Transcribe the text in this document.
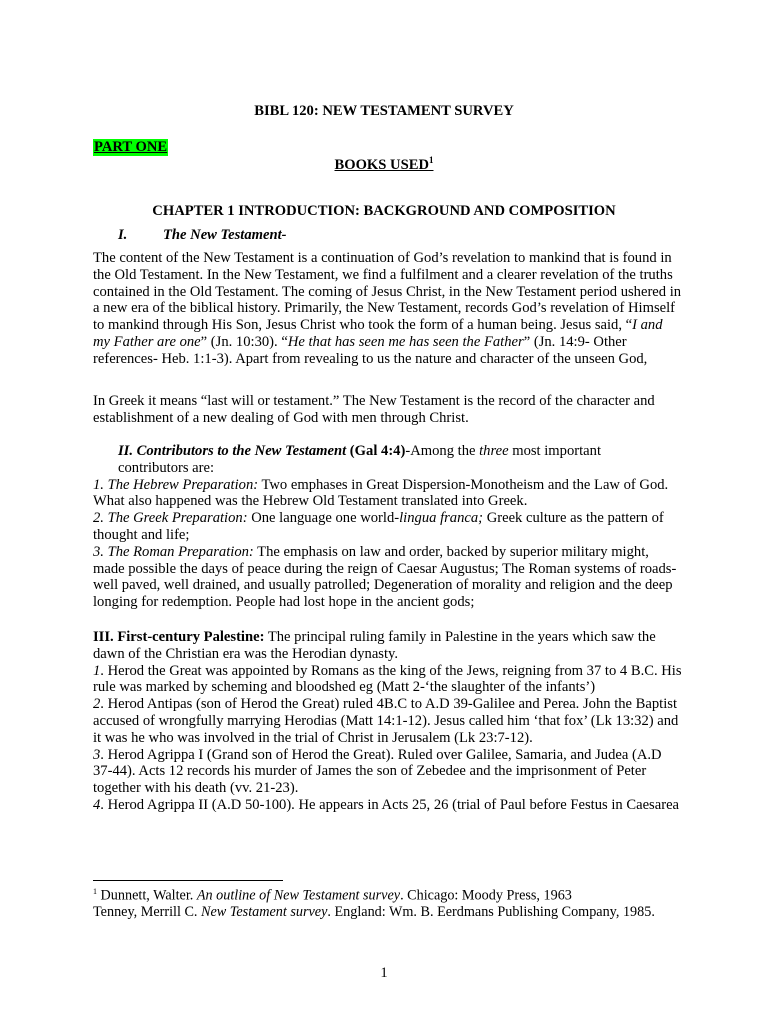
BIBL 120: NEW TESTAMENT SURVEY
PART ONE
BOOKS USED$^1$
CHAPTER 1 INTRODUCTION: BACKGROUND AND COMPOSITION
I. The New Testament-
The content of the New Testament is a continuation of God’s revelation to mankind that is found in the Old Testament. In the New Testament, we find a fulfilment and a clearer revelation of the truths contained in the Old Testament. The coming of Jesus Christ, in the New Testament period ushered in a new era of the biblical history. Primarily, the New Testament, records God’s revelation of Himself to mankind through His Son, Jesus Christ who took the form of a human being. Jesus said, “I and my Father are one” (Jn. 10:30). “He that has seen me has seen the Father” (Jn. 14:9- Other references- Heb. 1:1-3). Apart from revealing to us the nature and character of the unseen God,
In Greek it means “last will or testament.” The New Testament is the record of the character and establishment of a new dealing of God with men through Christ.
II. Contributors to the New Testament (Gal 4:4)-Among the three most important
contributors are:
1. The Hebrew Preparation: Two emphases in Great Dispersion-Monotheism and the Law of God. What also happened was the Hebrew Old Testament translated into Greek.
2. The Greek Preparation: One language one world-lingua franca; Greek culture as the pattern of thought and life;
3. The Roman Preparation: The emphasis on law and order, backed by superior military might, made possible the days of peace during the reign of Caesar Augustus; The Roman systems of roads-well paved, well drained, and usually patrolled; Degeneration of morality and religion and the deep longing for redemption. People had lost hope in the ancient gods;
III. First-century Palestine: The principal ruling family in Palestine in the years which saw the dawn of the Christian era was the Herodian dynasty.
1. Herod the Great was appointed by Romans as the king of the Jews, reigning from 37 to 4 B.C. His rule was marked by scheming and bloodshed eg (Matt 2-‘the slaughter of the infants’)
2. Herod Antipas (son of Herod the Great) ruled 4B.C to A.D 39-Galilee and Perea. John the Baptist accused of wrongfully marrying Herodias (Matt 14:1-12). Jesus called him ‘that fox’ (Lk 13:32) and it was he who was involved in the trial of Christ in Jerusalem (Lk 23:7-12).
3. Herod Agrippa I (Grand son of Herod the Great). Ruled over Galilee, Samaria, and Judea (A.D 37-44). Acts 12 records his murder of James the son of Zebedee and the imprisonment of Peter together with his death (vv. 21-23).
4. Herod Agrippa II (A.D 50-100). He appears in Acts 25, 26 (trial of Paul before Festus in Caesarea
$^1$ Dunnett, Walter. An outline of New Testament survey. Chicago: Moody Press, 1963
Tenney, Merrill C. New Testament survey. England: Wm. B. Eerdmans Publishing Company, 1985.
1
